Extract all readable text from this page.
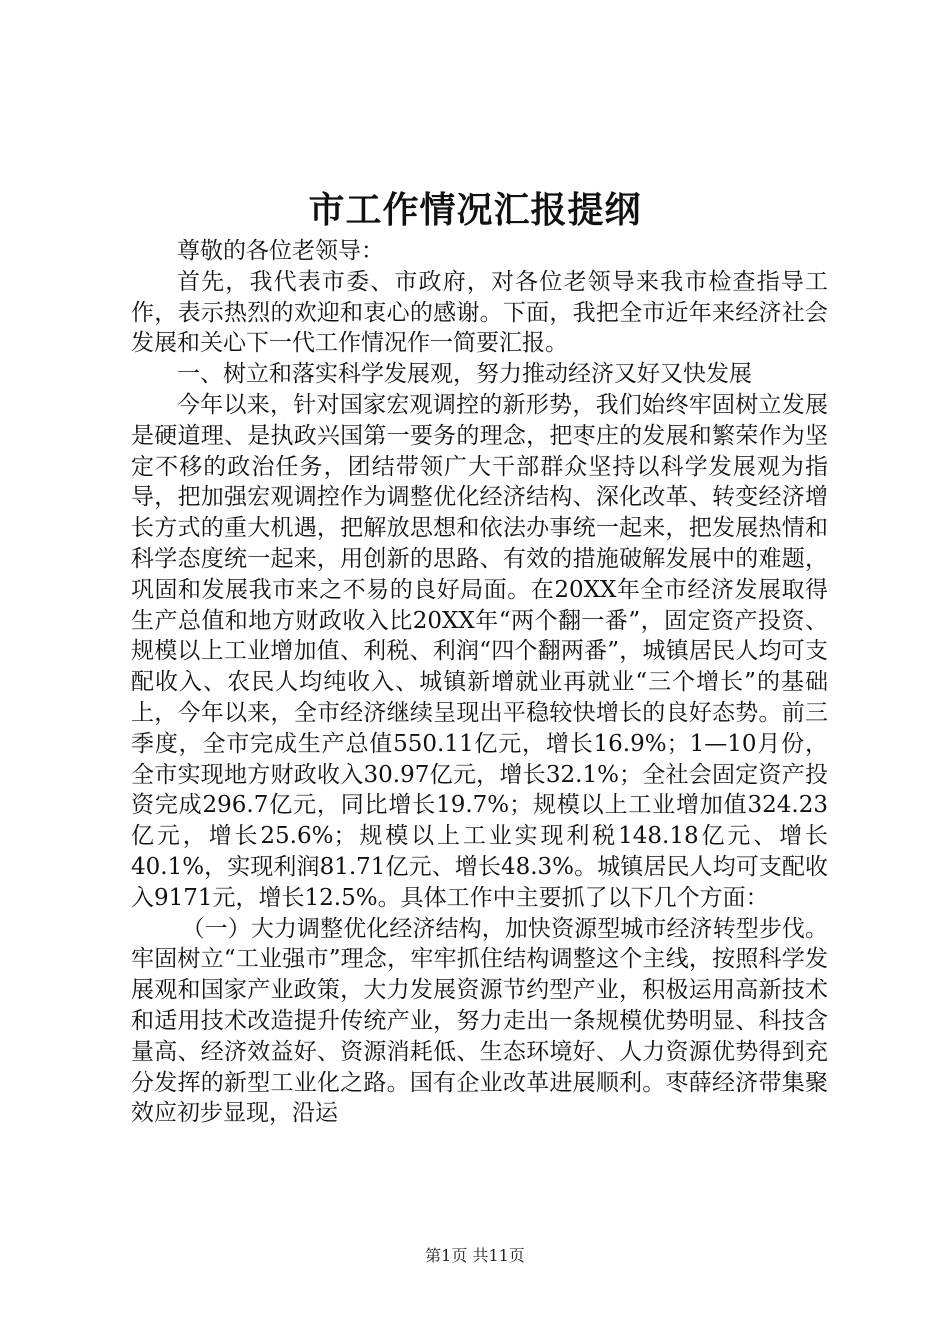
市工作情况汇报提纲

尊敬的各位老领导：

首先，我代表市委、市政府，对各位老领导来我市检查指导工作，表示热烈的欢迎和衷心的感谢。下面，我把全市近年来经济社会发展和关心下一代工作情况作一简要汇报。

一、树立和落实科学发展观，努力推动经济又好又快发展

今年以来，针对国家宏观调控的新形势，我们始终牢固树立发展是硬道理、是执政兴国第一要务的理念，把枣庄的发展和繁荣作为坚定不移的政治任务，团结带领广大干部群众坚持以科学发展观为指导，把加强宏观调控作为调整优化经济结构、深化改革、转变经济增长方式的重大机遇，把解放思想和依法办事统一起来，把发展热情和科学态度统一起来，用创新的思路、有效的措施破解发展中的难题，巩固和发展我市来之不易的良好局面。在20XX年全市经济发展取得生产总值和地方财政收入比20XX年“两个翻一番”，固定资产投资、规模以上工业增加值、利税、利润“四个翻两番”，城镇居民人均可支配收入、农民人均纯收入、城镇新增就业再就业“三个增长”的基础上，今年以来，全市经济继续呈现出平稳较快增长的良好态势。前三季度，全市完成生产总值550.11亿元，增长16.9%；1—10月份，全市实现地方财政收入30.97亿元，增长32.1%；全社会固定资产投资完成296.7亿元，同比增长19.7%；规模以上工业增加值324.23亿元，增长25.6%；规模以上工业实现利税148.18亿元、增长40.1%，实现利润81.71亿元、增长48.3%。城镇居民人均可支配收入9171元，增长12.5%。具体工作中主要抓了以下几个方面：

（一）大力调整优化经济结构，加快资源型城市经济转型步伐。牢固树立“工业强市”理念，牢牢抓住结构调整这个主线，按照科学发展观和国家产业政策，大力发展资源节约型产业，积极运用高新技术和适用技术改造提升传统产业，努力走出一条规模优势明显、科技含量高、经济效益好、资源消耗低、生态环境好、人力资源优势得到充分发挥的新型工业化之路。国有企业改革进展顺利。枣薛经济带集聚效应初步显现，沿运

第1页 共11页
